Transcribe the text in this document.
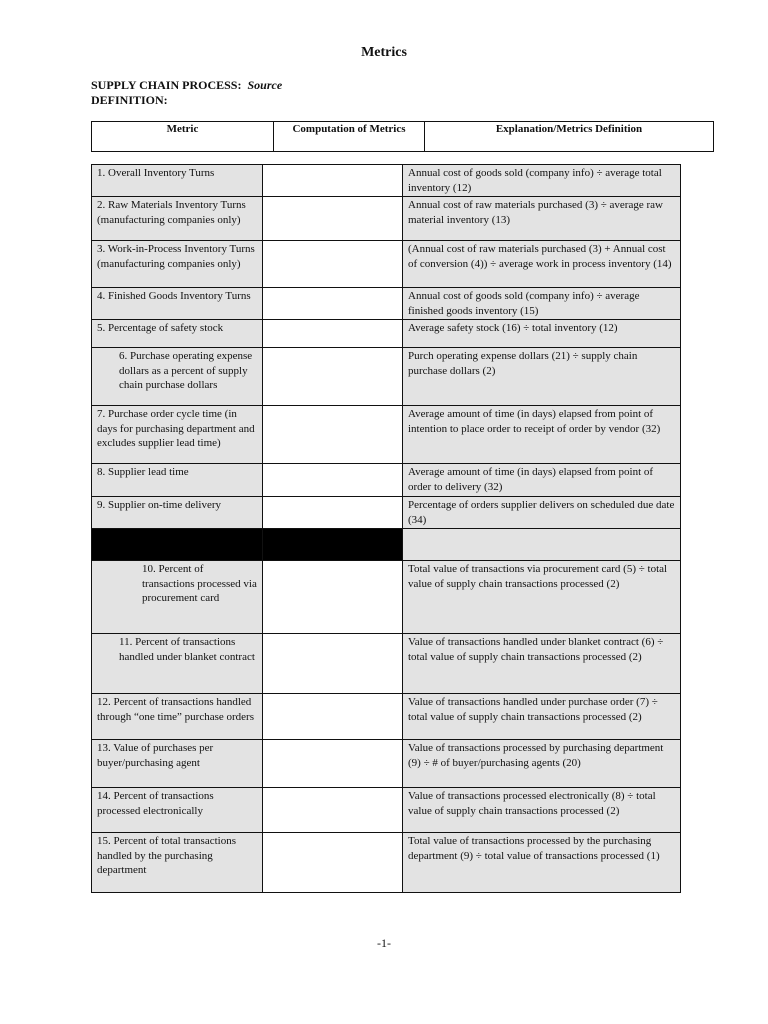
Metrics
SUPPLY CHAIN PROCESS: Source
DEFINITION:
Metric	Computation of Metrics	Explanation/Metrics Definition
1. Overall Inventory Turns		Annual cost of goods sold (company info) ÷ average total inventory (12)
2. Raw Materials Inventory Turns (manufacturing companies only)		Annual cost of raw materials purchased (3) ÷ average raw material inventory (13)
3. Work-in-Process Inventory Turns (manufacturing companies only)		(Annual cost of raw materials purchased (3) + Annual cost of conversion (4)) ÷ average work in process inventory (14)
4. Finished Goods Inventory Turns		Annual cost of goods sold (company info) ÷ average finished goods inventory (15)
5. Percentage of safety stock		Average safety stock (16) ÷ total inventory (12)
6. Purchase operating expense dollars as a percent of supply chain purchase dollars		Purch operating expense dollars (21) ÷ supply chain purchase dollars (2)
7. Purchase order cycle time (in days for purchasing department and excludes supplier lead time)		Average amount of time (in days) elapsed from point of intention to place order to receipt of order by vendor (32)
8. Supplier lead time		Average amount of time (in days) elapsed from point of order to delivery (32)
9. Supplier on-time delivery		Percentage of orders supplier delivers on scheduled due date (34)

10. Percent of transactions processed via procurement card		Total value of transactions via procurement card (5) ÷ total value of supply chain transactions processed (2)
11. Percent of transactions handled under blanket contract		Value of transactions handled under blanket contract (6) ÷ total value of supply chain transactions processed (2)
12. Percent of transactions handled through “one time” purchase orders		Value of transactions handled under purchase order (7) ÷ total value of supply chain transactions processed (2)
13. Value of purchases per buyer/purchasing agent		Value of transactions processed by purchasing department (9) ÷ # of buyer/purchasing agents (20)
14. Percent of transactions processed electronically		Value of transactions processed electronically (8) ÷ total value of supply chain transactions processed (2)
15. Percent of total transactions handled by the purchasing department		Total value of transactions processed by the purchasing department (9) ÷ total value of transactions processed (1)
-1-
